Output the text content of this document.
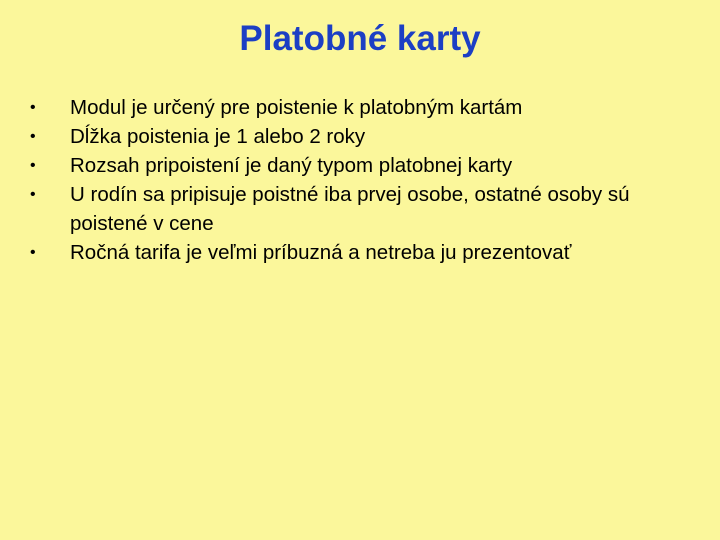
Platobné karty
• Modul je určený pre poistenie k platobným kartám
• Dĺžka poistenia je 1 alebo 2 roky
• Rozsah pripoistení je daný typom platobnej karty
• U rodín sa pripisuje poistné iba prvej osobe, ostatné osoby sú poistené v cene
• Ročná tarifa je veľmi príbuzná a netreba ju prezentovať
